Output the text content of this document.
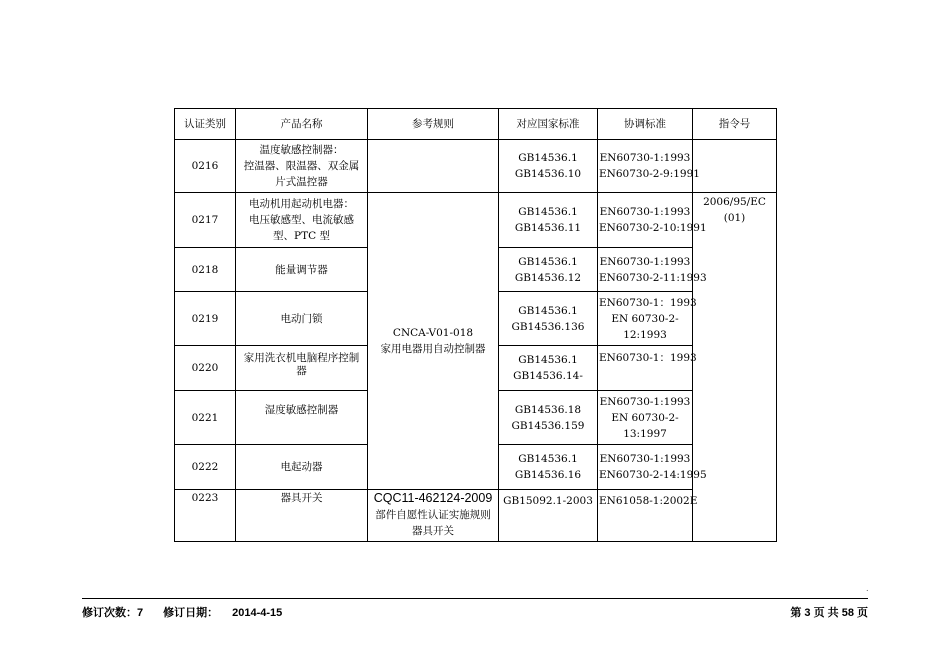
认证类别	产品名称	参考规则	对应国家标准	协调标准	指令号
0216	温度敏感控制器：
控温器、限温器、双金属
片式温控器		GB14536.1
GB14536.10	EN60730-1:1993
EN60730-2-9:1991	

0217	电动机用起动机电器：
电压敏感型、电流敏感
型、PTC 型	CNCA-V01-018
家用电器用自动控制器	GB14536.1
GB14536.11	EN60730-1:1993
EN60730-2-10:1991	2006/95/EC
(01)

0218	能量调节器		GB14536.1
GB14536.12	EN60730-1:1993
EN60730-2-11:1993	

0219	电动门锁		GB14536.1
GB14536.136	EN60730-1：1993
EN 60730-2-
12:1993	

0220	家用洗衣机电脑程序控制
器		GB14536.1
GB14536.14-	EN60730-1：1993	

0221	湿度敏感控制器		GB14536.18
GB14536.159	EN60730-1:1993
EN 60730-2-
13:1997	

0222	电起动器		GB14536.1
GB14536.16	EN60730-1:1993
EN60730-2-14:1995	

0223	器具开关	CQC11-462124-2009
部件自愿性认证实施规则
器具开关	GB15092.1-2003	EN61058-1:2002E	
.
修订次数：7 修订日期： 2014-4-15	第 3 页 共 58 页
